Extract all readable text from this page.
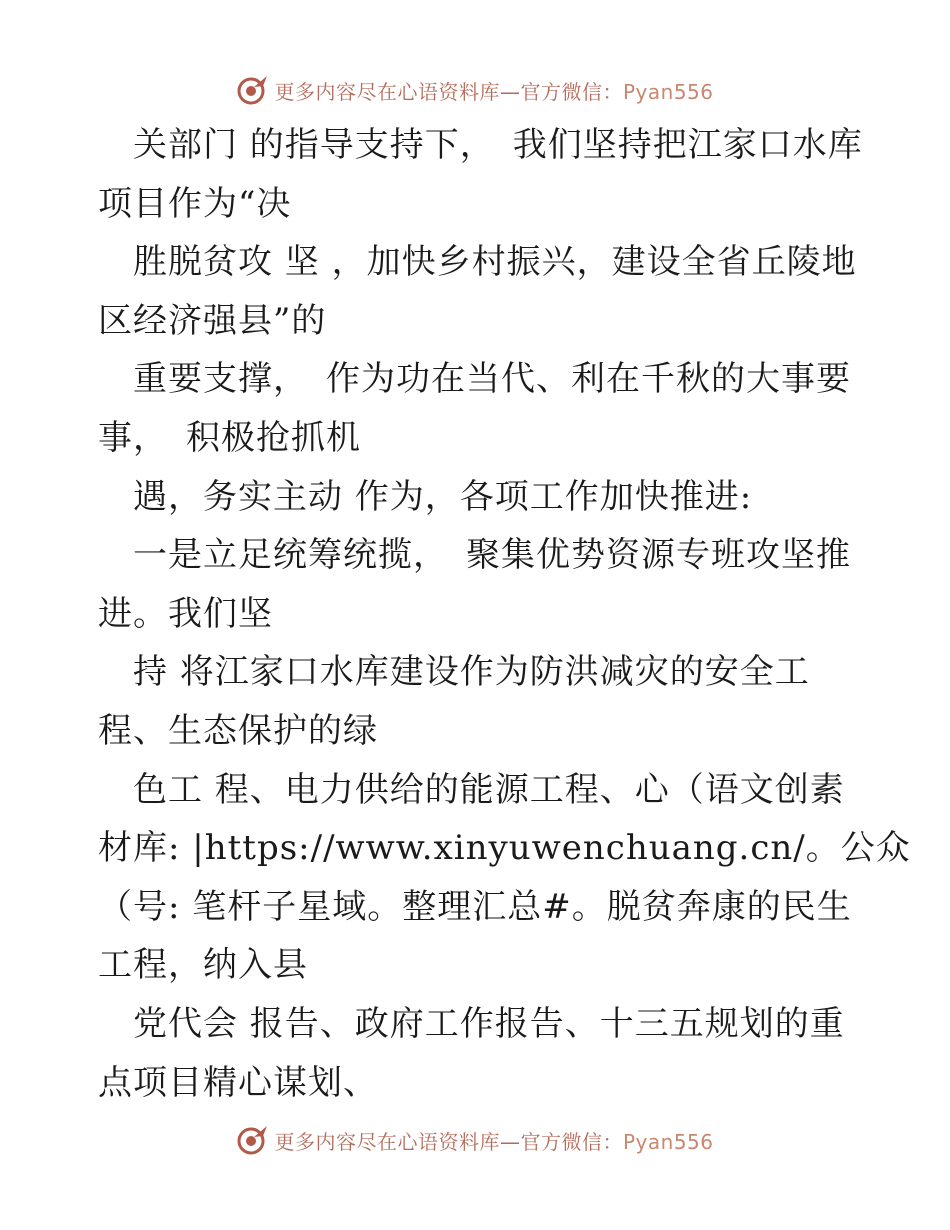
更多内容尽在心语资料库—官方微信：Pyan556
　关部门 的指导支持下，　我们坚持把江家口水库
项目作为“决
　胜脱贫攻 坚 ，加快乡村振兴，建设全省丘陵地
区经济强县”的
　重要支撑，　作为功在当代、利在千秋的大事要
事，　积极抢抓机
　遇，务实主动 作为，各项工作加快推进:
　一是立足统筹统揽，　聚集优势资源专班攻坚推
进。我们坚
　持 将江家口水库建设作为防洪减灾的安全工
程、生态保护的绿
　色工 程、电力供给的能源工程、心（语文创素
材库: |https://www.xinyuwenchuang.cn/。公众
（号: 笔杆子星域。整理汇总#。脱贫奔康的民生
工程，纳入县
　党代会 报告、政府工作报告、十三五规划的重
点项目精心谋划、
更多内容尽在心语资料库—官方微信：Pyan556
